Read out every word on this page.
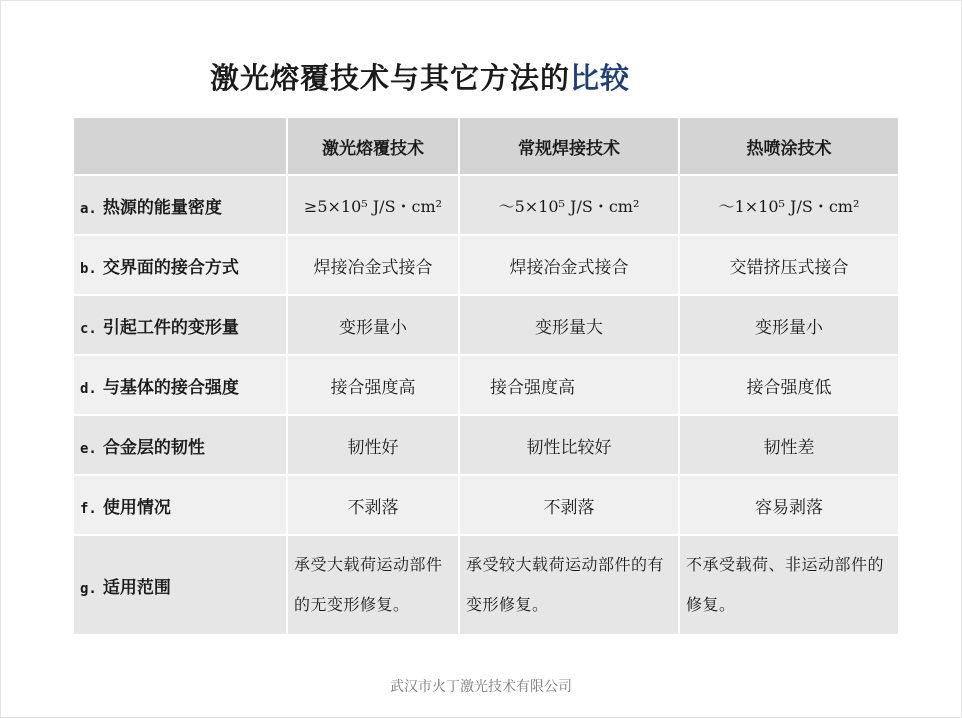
激光熔覆技术与其它方法的比较
	激光熔覆技术	常规焊接技术	热喷涂技术
a. 热源的能量密度	≥5×10⁵ J/S・cm²	～5×10⁵ J/S・cm²	～1×10⁵ J/S・cm²
b. 交界面的接合方式	焊接冶金式接合	焊接冶金式接合	交错挤压式接合
c. 引起工件的变形量	变形量小	变形量大	变形量小
d. 与基体的接合强度	接合强度高	接合强度高	接合强度低
e. 合金层的韧性	韧性好	韧性比较好	韧性差
f. 使用情况	不剥落	不剥落	容易剥落
g. 适用范围	承受大载荷运动部件的无变形修复。	承受较大载荷运动部件的有变形修复。	不承受载荷、非运动部件的修复。
武汉市火丁激光技术有限公司
